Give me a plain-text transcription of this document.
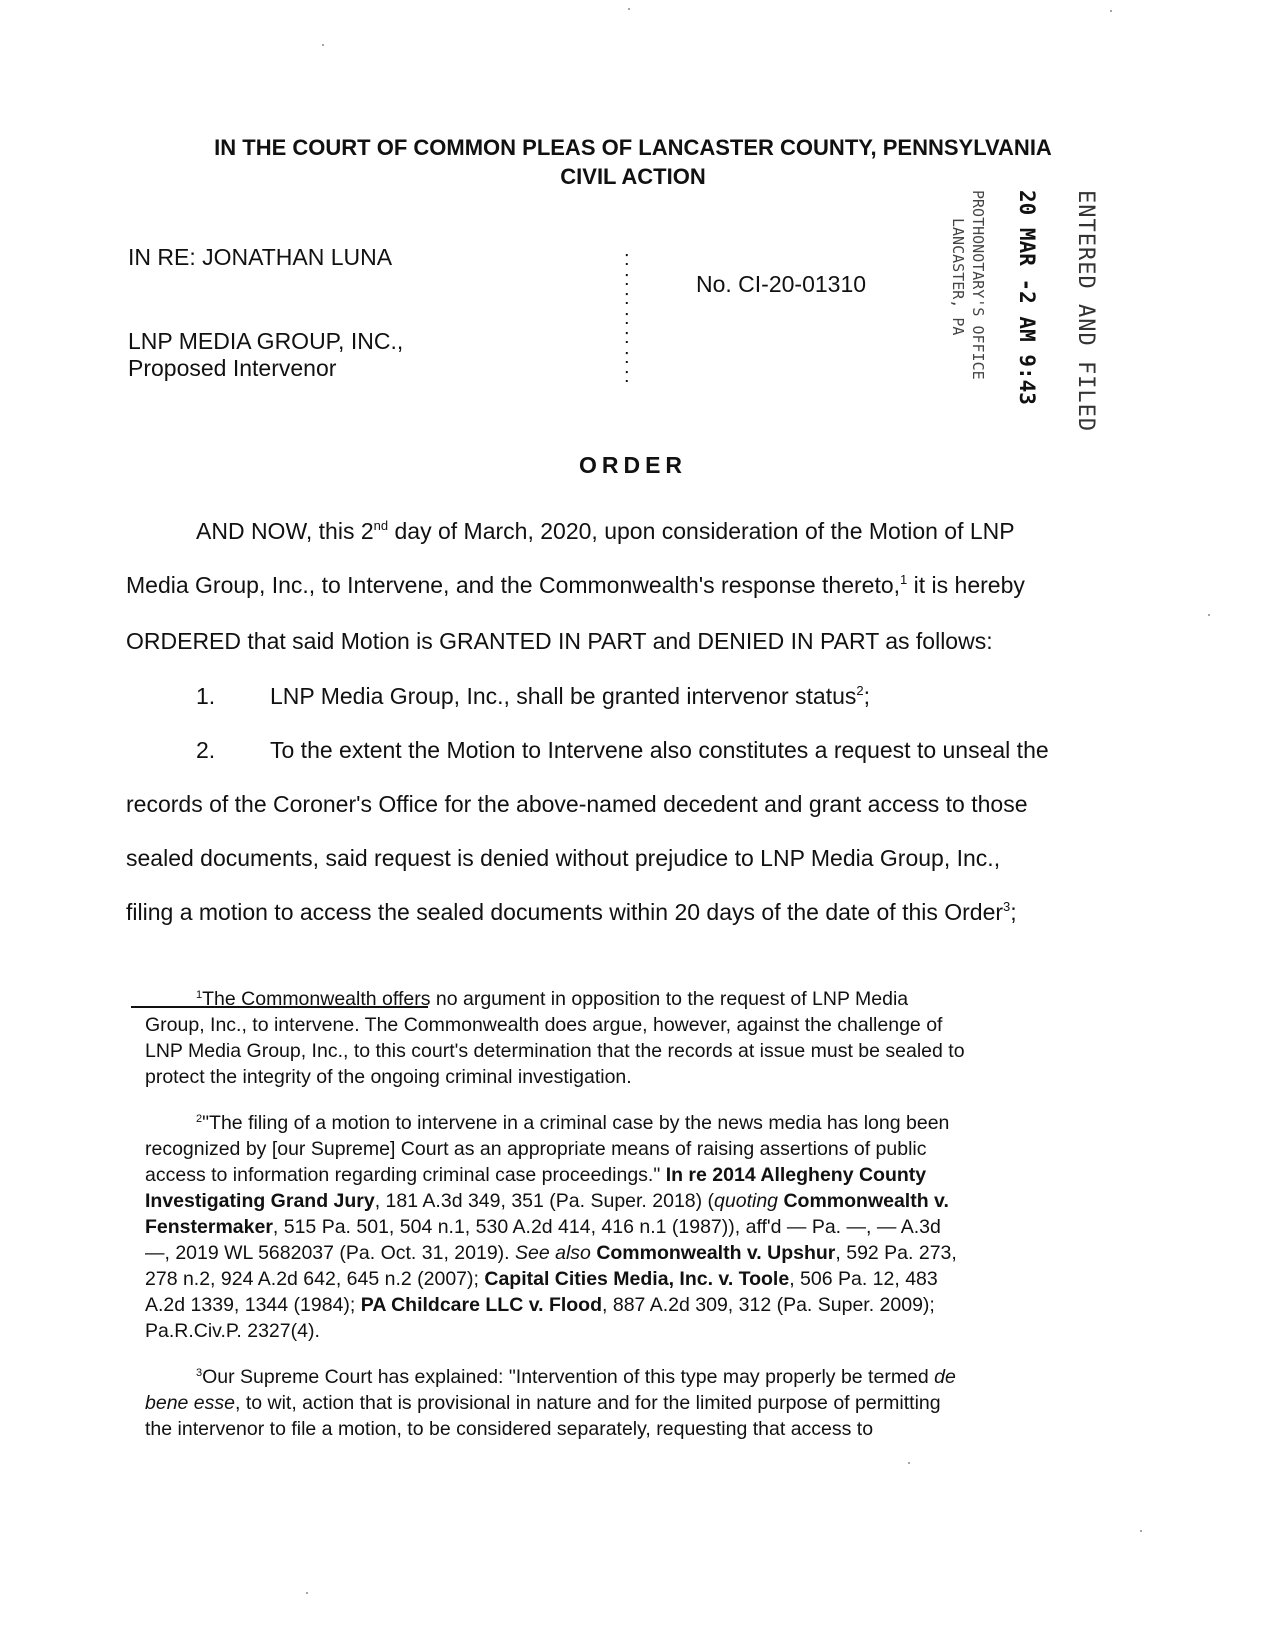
IN THE COURT OF COMMON PLEAS OF LANCASTER COUNTY, PENNSYLVANIA
CIVIL ACTION
IN RE: JONATHAN LUNA
LNP MEDIA GROUP, INC.,
Proposed Intervenor
:
:
:
:
:
:
:
No. CI-20-01310	ENTERED AND FILED
20 MAR -2 AM 9:43
PROTHONOTARY'S OFFICE
LANCASTER, PA
ORDER
AND NOW, this 2nd day of March, 2020, upon consideration of the Motion of LNP
Media Group, Inc., to Intervene, and the Commonwealth's response thereto,$^1$ it is hereby
ORDERED that said Motion is GRANTED IN PART and DENIED IN PART as follows:
1. LNP Media Group, Inc., shall be granted intervenor status$^2$;
2. To the extent the Motion to Intervene also constitutes a request to unseal the
records of the Coroner's Office for the above-named decedent and grant access to those
sealed documents, said request is denied without prejudice to LNP Media Group, Inc.,
filing a motion to access the sealed documents within 20 days of the date of this Order$^3$;
$^1$The Commonwealth offers no argument in opposition to the request of LNP Media
Group, Inc., to intervene. The Commonwealth does argue, however, against the challenge of
LNP Media Group, Inc., to this court's determination that the records at issue must be sealed to
protect the integrity of the ongoing criminal investigation.
$^2$"The filing of a motion to intervene in a criminal case by the news media has long been
recognized by [our Supreme] Court as an appropriate means of raising assertions of public
access to information regarding criminal case proceedings." In re 2014 Allegheny County
Investigating Grand Jury, 181 A.3d 349, 351 (Pa. Super. 2018) (quoting Commonwealth v.
Fenstermaker, 515 Pa. 501, 504 n.1, 530 A.2d 414, 416 n.1 (1987)), aff'd — Pa. —, — A.3d
—, 2019 WL 5682037 (Pa. Oct. 31, 2019). See also Commonwealth v. Upshur, 592 Pa. 273,
278 n.2, 924 A.2d 642, 645 n.2 (2007); Capital Cities Media, Inc. v. Toole, 506 Pa. 12, 483
A.2d 1339, 1344 (1984); PA Childcare LLC v. Flood, 887 A.2d 309, 312 (Pa. Super. 2009);
Pa.R.Civ.P. 2327(4).
$^3$Our Supreme Court has explained: "Intervention of this type may properly be termed de
bene esse, to wit, action that is provisional in nature and for the limited purpose of permitting
the intervenor to file a motion, to be considered separately, requesting that access to
